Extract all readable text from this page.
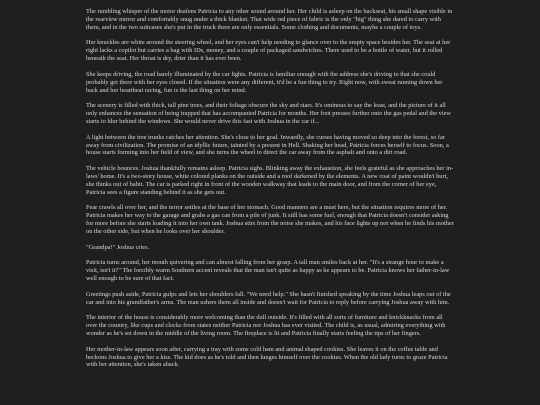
The rumbling whisper of the motor deafens Patricia to any other sound around her. Her child is asleep on the backseat, his small shape visible in the rearview mirror and comfortably snug under a thick blanket. That wide red piece of fabric is the only "big" thing she dared to carry with them, and in the two suitcases she's put in the truck there are only essentials. Some clothing and documents, maybe a couple of toys.

Her knuckles are white around the steering wheel, and her eyes can't help needing to glance over to the empty space besides her. The seat at her right lacks a copilot but carries a bag with IDs, money, and a couple of packaged sandwiches. There used to be a bottle of water, but it rolled beneath the seat. Her throat is dry, drier than it has ever been.

She keeps driving, the road barely illuminated by the car lights. Patricia is familiar enough with the address she's driving to that she could probably get there with her eyes closed. If the situation were any different, it'd be a fun thing to try. Right now, with sweat running down her back and her heartbeat racing, fun is the last thing on her mind.

The scenery is filled with thick, tall pine trees, and their foliage obscure the sky and stars. It's ominous to say the least, and the picture of it all only enhances the sensation of being trapped that has accompanied Patricia for months. Her foot presses further onto the gas pedal and the view starts to blur behind the windows. She would never drive this fast with Joshua in the car if...

A light between the tree trunks catches her attention. She's close to her goal. Inwardly, she curses having moved so deep into the forest, so far away from civilization. The promise of an idyllic future, tainted by a present in Hell. Shaking her head, Patricia forces herself to focus. Soon, a house starts forming into her field of view, and she turns the wheel to direct the car away from the asphalt and onto a dirt road.

The vehicle bounces. Joshua thankfully remains asleep. Patricia sighs. Blinking away the exhaustion, she feels grateful as she approaches her in-laws' home. It's a two-story house, white colored planks on the outside and a roof darkened by the elements. A new coat of paint wouldn't hurt, she thinks out of habit. The car is parked right in front of the wooden walkway that leads to the main door, and from the corner of her eye, Patricia sees a figure standing behind it as she gets out.

Fear crawls all over her, and the terror settles at the base of her stomach. Good manners are a must here, but the situation requires more of her. Patricia makes her way to the garage and grabs a gas can from a pile of junk. It still has some fuel, enough that Patricia doesn't consider asking for more before she starts loading it into her own tank. Joshua stirs from the noise she makes, and his face lights up not when he finds his mother on the other side, but when he looks over her shoulder.

"Grandpa!" Joshua cries.

Patricia turns around, her mouth quivering and can almost falling from her grasp. A tall man smiles back at her. "It's a strange hour to make a visit, isn't it?" The forcibly warm Southern accent reveals that the man isn't quite as happy as he appears to be. Patricia knows her father-in-law well enough to be sure of that fact.

Greetings push aside, Patricia gulps and lets her shoulders fall. "We need help." She hasn't finished speaking by the time Joshua leaps out of the car and into his grandfather's arms. The man ushers them all inside and doesn't wait for Patricia to reply before carrying Joshua away with him.

The interior of the house is considerably more welcoming than the dull outside. It's filled with all sorts of furniture and knickknacks from all over the country, like cups and clocks from states neither Patricia nor Joshua has ever visited. The child is, as usual, admiring everything with wonder as he's set down in the middle of the living room. The fireplace is lit and Patricia finally starts feeling the tips of her fingers.

Her mother-in-law appears soon after, carrying a tray with some cold ham and animal shaped cookies. She leaves it on the coffee table and beckons Joshua to give her a kiss. The kid does as he's told and then lunges himself over the cookies. When the old lady turns to graze Patricia with her attention, she's taken aback.
